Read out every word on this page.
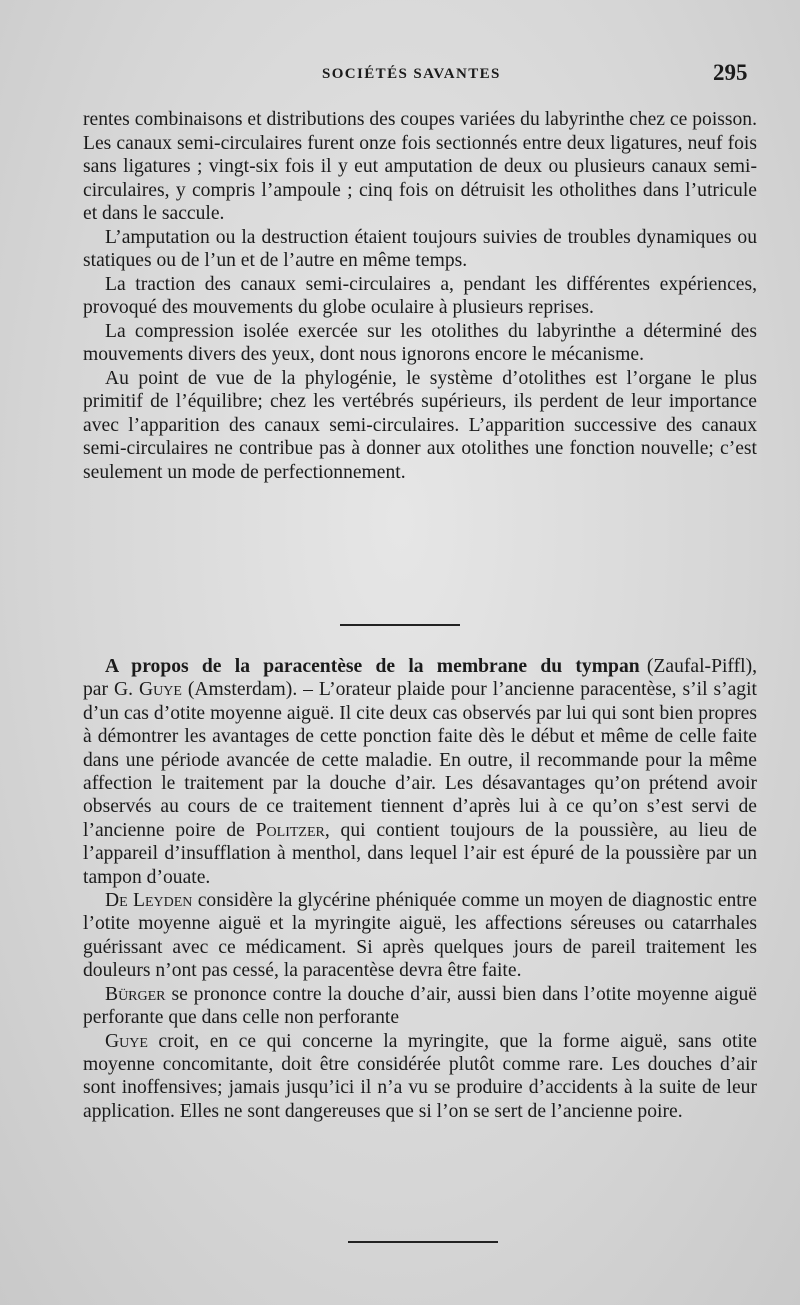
SOCIÉTÉS SAVANTES	295

rentes combinaisons et distributions des coupes variées du labyrinthe chez ce poisson. Les canaux semi-circulaires furent onze fois sectionnés entre deux ligatures, neuf fois sans ligatures ; vingt-six fois il y eut amputation de deux ou plusieurs canaux semi-circulaires, y compris l’ampoule ; cinq fois on détruisit les otholithes dans l’utricule et dans le saccule.

L’amputation ou la destruction étaient toujours suivies de troubles dynamiques ou statiques ou de l’un et de l’autre en même temps.

La traction des canaux semi-circulaires a, pendant les différentes expériences, provoqué des mouvements du globe oculaire à plusieurs reprises.

La compression isolée exercée sur les otolithes du labyrinthe a déterminé des mouvements divers des yeux, dont nous ignorons encore le mécanisme.

Au point de vue de la phylogénie, le système d’otolithes est l’organe le plus primitif de l’équilibre; chez les vertébrés supérieurs, ils perdent de leur importance avec l’apparition des canaux semi-circulaires. L’apparition successive des canaux semi-circulaires ne contribue pas à donner aux otolithes une fonction nouvelle; c’est seulement un mode de perfectionnement.

A propos de la paracentèse de la membrane du tympan (Zaufal-Piffl), par G. Guye (Amsterdam). – L’orateur plaide pour l’ancienne paracentèse, s’il s’agit d’un cas d’otite moyenne aiguë. Il cite deux cas observés par lui qui sont bien propres à démontrer les avantages de cette ponction faite dès le début et même de celle faite dans une période avancée de cette maladie. En outre, il recommande pour la même affection le traitement par la douche d’air. Les désavantages qu’on prétend avoir observés au cours de ce traitement tiennent d’après lui à ce qu’on s’est servi de l’ancienne poire de Politzer, qui contient toujours de la poussière, au lieu de l’appareil d’insufflation à menthol, dans lequel l’air est épuré de la poussière par un tampon d’ouate.

De Leyden considère la glycérine phéniquée comme un moyen de diagnostic entre l’otite moyenne aiguë et la myringite aiguë, les affections séreuses ou catarrhales guérissant avec ce médicament. Si après quelques jours de pareil traitement les douleurs n’ont pas cessé, la paracentèse devra être faite.

Bürger se prononce contre la douche d’air, aussi bien dans l’otite moyenne aiguë perforante que dans celle non perforante

Guye croit, en ce qui concerne la myringite, que la forme aiguë, sans otite moyenne concomitante, doit être considérée plutôt comme rare. Les douches d’air sont inoffensives; jamais jusqu’ici il n’a vu se produire d’accidents à la suite de leur application. Elles ne sont dangereuses que si l’on se sert de l’ancienne poire.
